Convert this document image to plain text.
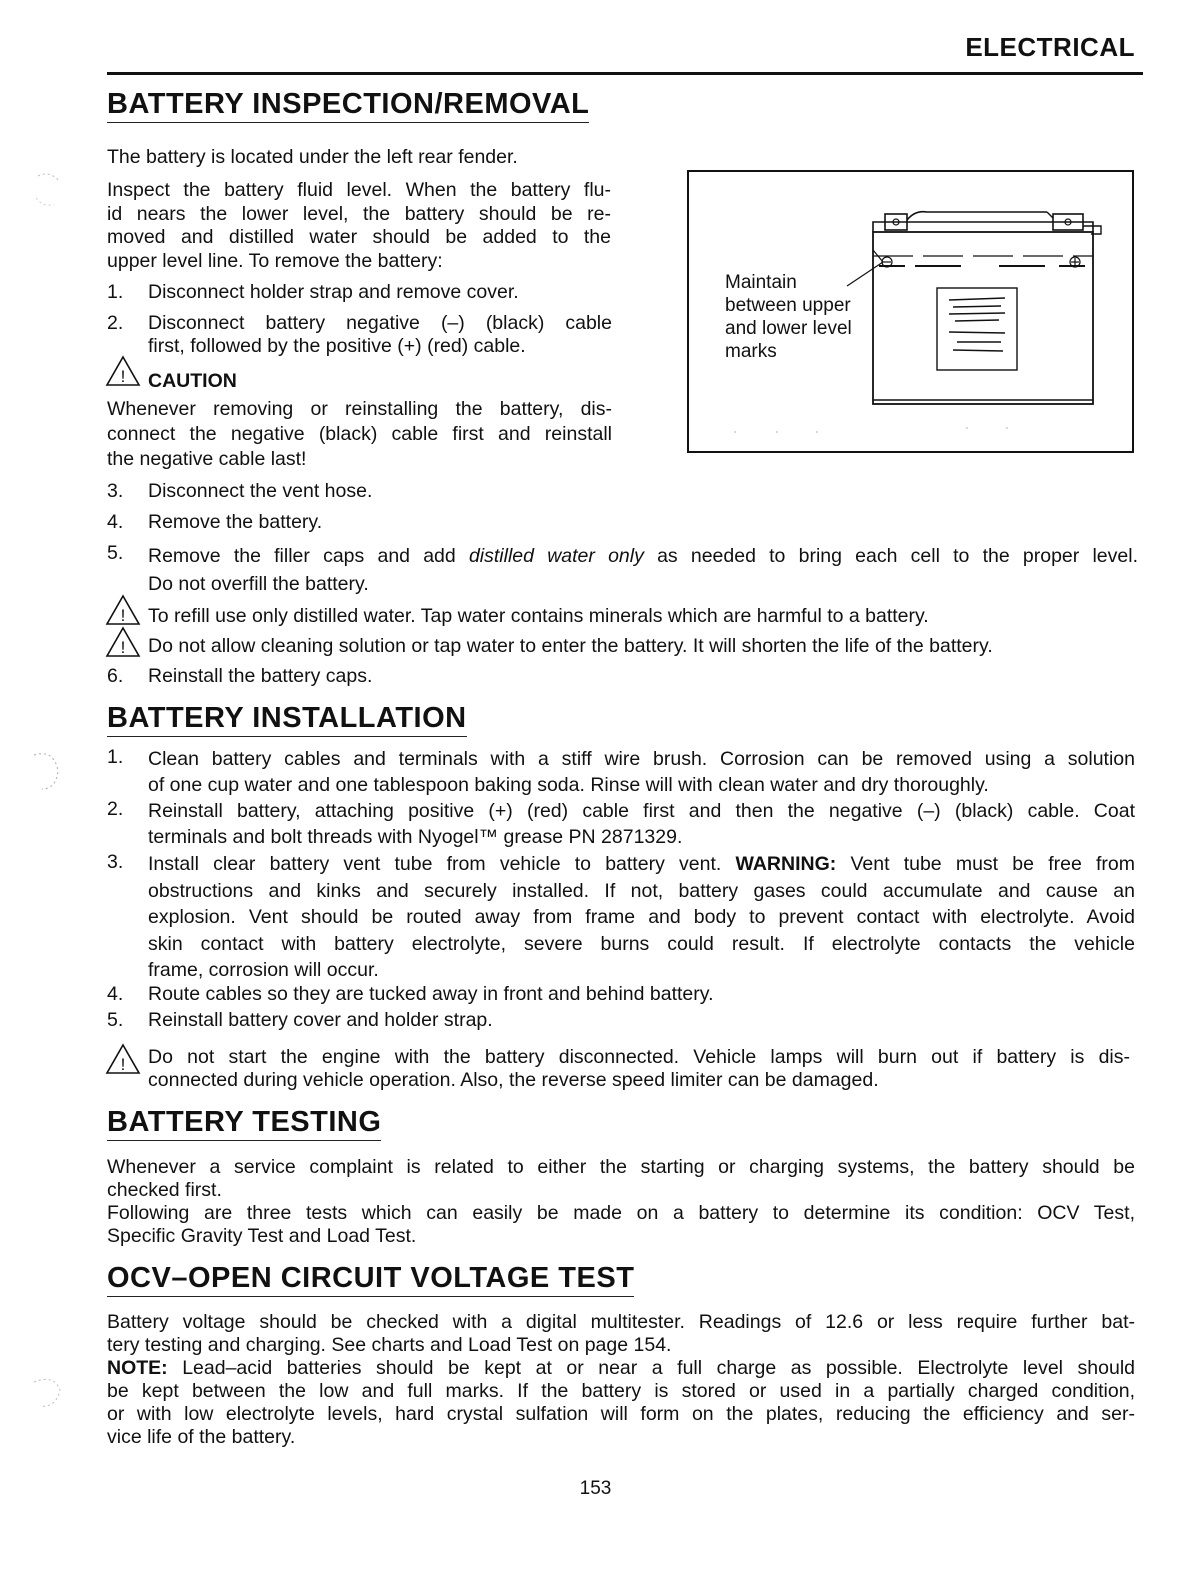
ELECTRICAL
BATTERY INSPECTION/REMOVAL

The battery is located under the left rear fender.

Inspect the battery fluid level. When the battery flu-
id nears the lower level, the battery should be re-
moved and distilled water should be added to the
upper level line. To remove the battery:
1.	Disconnect holder strap and remove cover.
2.	Disconnect battery negative (–) (black) cable
first, followed by the positive (+) (red) cable.
! CAUTION
Whenever removing or reinstalling the battery, dis-
connect the negative (black) cable first and reinstall
the negative cable last!
Maintain
between upper
and lower level
marks
3.	Disconnect the vent hose.
4.	Remove the battery.
5.	Remove the filler caps and add distilled water only as needed to bring each cell to the proper level.
Do not overfill the battery.
! To refill use only distilled water. Tap water contains minerals which are harmful to a battery.

! Do not allow cleaning solution or tap water to enter the battery. It will shorten the life of the battery.

6.	Reinstall the battery caps.
BATTERY INSTALLATION
1.	Clean battery cables and terminals with a stiff wire brush. Corrosion can be removed using a solution
of one cup water and one tablespoon baking soda. Rinse will with clean water and dry thoroughly.
2.	Reinstall battery, attaching positive (+) (red) cable first and then the negative (–) (black) cable. Coat
terminals and bolt threads with Nyogel™ grease PN 2871329.
3.	Install clear battery vent tube from vehicle to battery vent. WARNING: Vent tube must be free from
obstructions and kinks and securely installed. If not, battery gases could accumulate and cause an
explosion. Vent should be routed away from frame and body to prevent contact with electrolyte. Avoid
skin contact with battery electrolyte, severe burns could result. If electrolyte contacts the vehicle
frame, corrosion will occur.
4.	Route cables so they are tucked away in front and behind battery.
5.	Reinstall battery cover and holder strap.
! Do not start the engine with the battery disconnected. Vehicle lamps will burn out if battery is dis-
connected during vehicle operation. Also, the reverse speed limiter can be damaged.
BATTERY TESTING
Whenever a service complaint is related to either the starting or charging systems, the battery should be
checked first.
Following are three tests which can easily be made on a battery to determine its condition: OCV Test,
Specific Gravity Test and Load Test.
OCV–OPEN CIRCUIT VOLTAGE TEST
Battery voltage should be checked with a digital multitester. Readings of 12.6 or less require further bat-
tery testing and charging. See charts and Load Test on page 154.
NOTE: Lead–acid batteries should be kept at or near a full charge as possible. Electrolyte level should
be kept between the low and full marks. If the battery is stored or used in a partially charged condition,
or with low electrolyte levels, hard crystal sulfation will form on the plates, reducing the efficiency and ser-
vice life of the battery.
153
